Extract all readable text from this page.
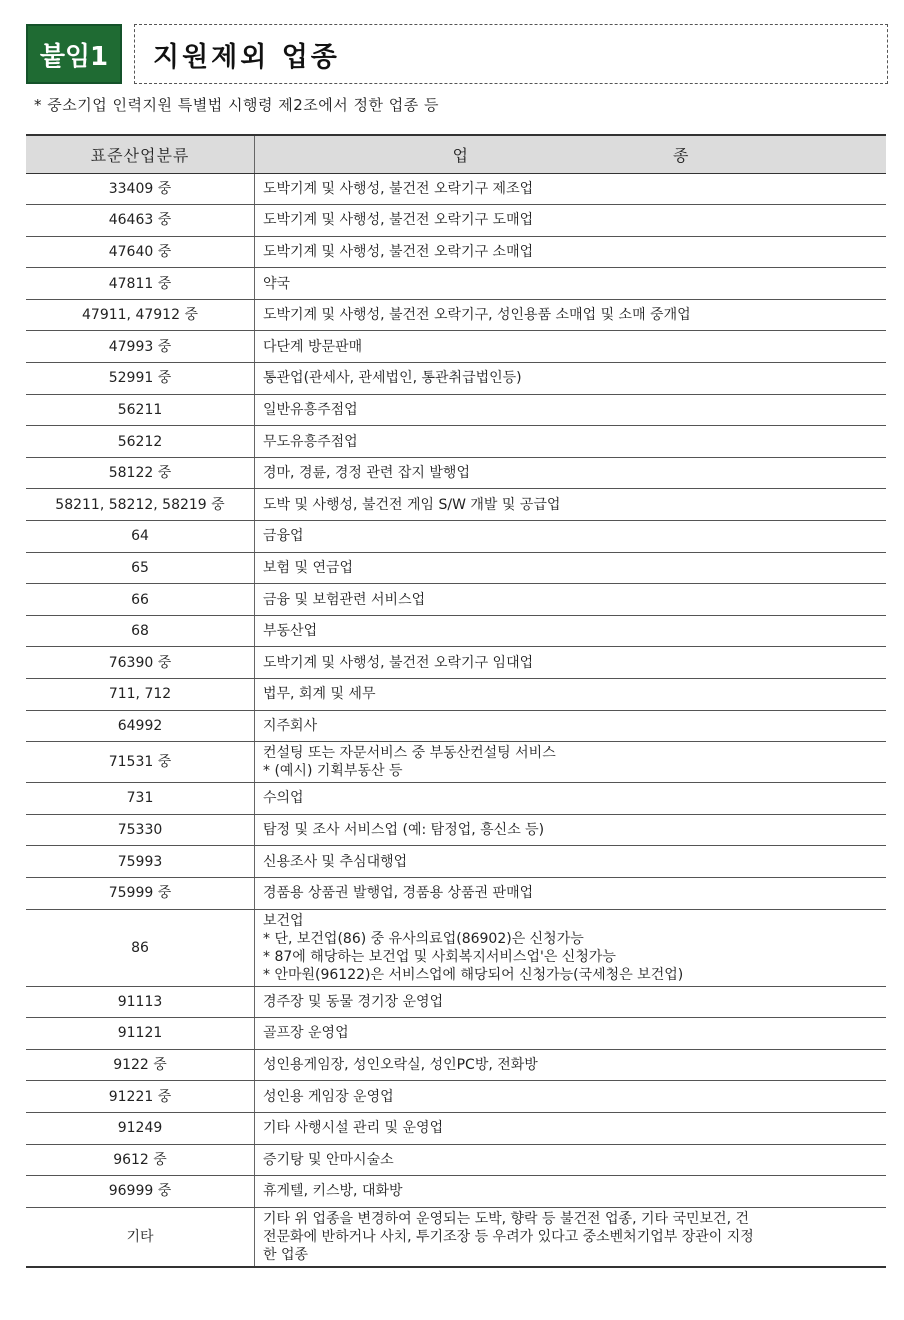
붙임1	지원제외 업종
* 중소기업 인력지원 특별법 시행령 제2조에서 정한 업종 등
표준산업분류	업 종
33409 중	도박기계 및 사행성, 불건전 오락기구 제조업

46463 중	도박기계 및 사행성, 불건전 오락기구 도매업

47640 중	도박기계 및 사행성, 불건전 오락기구 소매업

47811 중	약국

47911, 47912 중	도박기계 및 사행성, 불건전 오락기구, 성인용품 소매업 및 소매 중개업

47993 중	다단계 방문판매

52991 중	통관업(관세사, 관세법인, 통관취급법인등)

56211	일반유흥주점업

56212	무도유흥주점업

58122 중	경마, 경륜, 경정 관련 잡지 발행업

58211, 58212, 58219 중	도박 및 사행성, 불건전 게임 S/W 개발 및 공급업

64	금융업

65	보험 및 연금업

66	금융 및 보험관련 서비스업

68	부동산업

76390 중	도박기계 및 사행성, 불건전 오락기구 임대업

711, 712	법무, 회계 및 세무

64992	지주회사

71531 중	컨설팅 또는 자문서비스 중 부동산컨설팅 서비스
* (예시) 기획부동산 등

731	수의업

75330	탐정 및 조사 서비스업 (예: 탐정업, 흥신소 등)

75993	신용조사 및 추심대행업

75999 중	경품용 상품권 발행업, 경품용 상품권 판매업

86	보건업
* 단, 보건업(86) 중 유사의료업(86902)은 신청가능
* 87에 해당하는 보건업 및 사회복지서비스업'은 신청가능
* 안마원(96122)은 서비스업에 해당되어 신청가능(국세청은 보건업)

91113	경주장 및 동물 경기장 운영업

91121	골프장 운영업

9122 중	성인용게임장, 성인오락실, 성인PC방, 전화방

91221 중	성인용 게임장 운영업

91249	기타 사행시설 관리 및 운영업

9612 중	증기탕 및 안마시술소

96999 중	휴게텔, 키스방, 대화방

기타	기타 위 업종을 변경하여 운영되는 도박, 향락 등 불건전 업종, 기타 국민보건, 건
전문화에 반하거나 사치, 투기조장 등 우려가 있다고 중소벤처기업부 장관이 지정
한 업종
